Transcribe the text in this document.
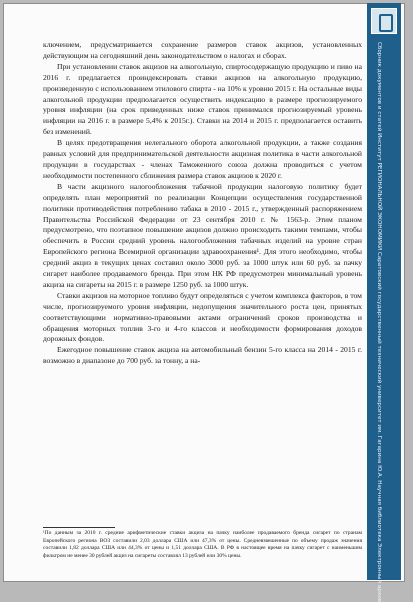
ключением, предусматривается сохранение размеров ставок акцизов, установленных действующим на сегодняшний день законодательством о налогах и сборах.

При установлении ставок акцизов на алкогольную, спиртосодержащую продукцию и пиво на 2016 г. предлагается проиндексировать ставки акцизов на алкогольную продукцию, произведенную с использованием этилового спирта - на 10% к уровню 2015 г. На остальные виды алкогольной продукции предполагается осуществить индексацию в размере прогнозируемого уровня инфляции (на срок приведенных ниже ставок принимался прогнозируемый уровень инфляции на 2016 г. в размере 5,4% к 2015г.). Ставки на 2014 и 2015 г. предполагается оставить без изменений.

В целях предотвращения нелегального оборота алкогольной продукции, а также создания равных условий для предпринимательской деятельности акцизная политика в части алкогольной продукции в государствах - членах Таможенного союза должна проводиться с учетом необходимости постепенного сближения размера ставок акцизов к 2020 г.

В части акцизного налогообложения табачной продукции налоговую политику будет определять план мероприятий по реализации Концепции осуществления государственной политики противодействия потреблению табака в 2010 - 2015 г., утвержденный распоряжением Правительства Российской Федерации от 23 сентября 2010 г. № 1563-р. Этим планом предусмотрено, что поэтапное повышение акцизов должно происходить такими темпами, чтобы обеспечить в России средний уровень налогообложения табачных изделий на уровне стран Европейского региона Всемирной организации здравоохранения¹. Для этого необходимо, чтобы средний акциз в текущих ценах составил около 3000 руб. за 1000 штук или 60 руб. за пачку сигарет наиболее продаваемого бренда. При этом НК РФ предусмотрен минимальный уровень акциза на сигареты на 2015 г. в размере 1250 руб. за 1000 штук.

Ставки акцизов на моторное топливо будут определяться с учетом комплекса факторов, в том числе, прогнозируемого уровня инфляции, недопущения значительного роста цен, принятых соответствующими нормативно-правовыми актами ограничений сроков производства и обращения моторных топлив 3-го и 4-го классов и необходимости формирования доходов дорожных фондов.

Ежегодное повышение ставок акциза на автомобильный бензин 5-го класса на 2014 - 2015 г. возможно в диапазоне до 700 руб. за тонну, а на-

¹По данным за 2010 г. средние арифметические ставки акциза на пачку наиболее продаваемого бренда сигарет по странам Европейского региона ВОЗ составили 2,03 доллара США или 47,3% от цены. Средневзвешенные по объему продаж значения составили 1,82 доллара США или 44,3% от цены и 1,51 доллара США. В РФ в настоящее время на пачку сигарет с наименьшим фильтром не менее 30 рублей акциз на сигареты составлял 13 рублей или 30% цены.	Сборник документов и статей Институт РЕГИОНАЛЬНОЙ ЭКОНОМИКИ Саратовский государственный технический университет им. Гагарина Ю.А. Научная библиотека Электронный архив
